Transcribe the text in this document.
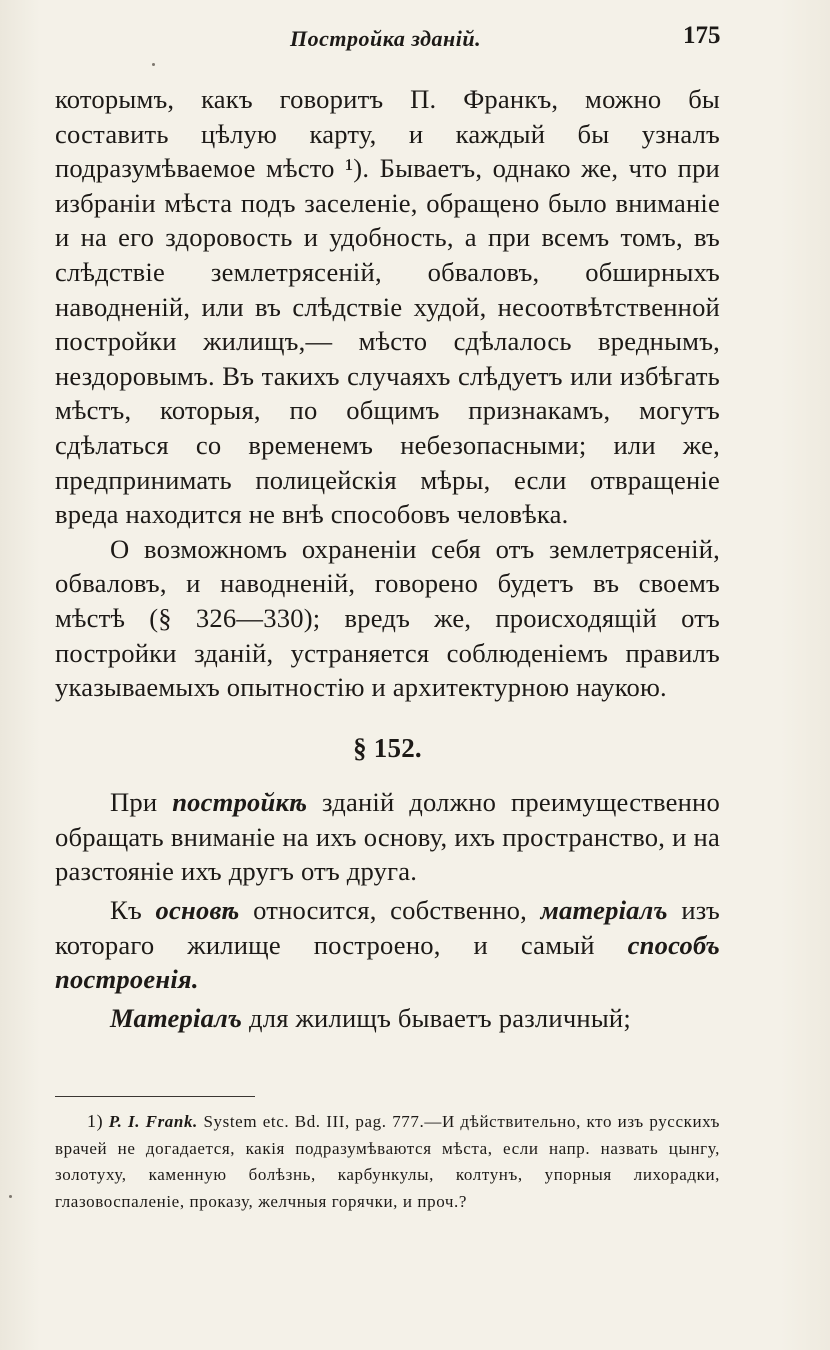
Постройка зданій.	175

которымъ, какъ говоритъ П. Франкъ, можно бы составить цѣлую карту, и каждый бы узналъ подразумѣваемое мѣсто ¹). Бываетъ, однако же, что при избраніи мѣста подъ заселеніе, обращено было вниманіе и на его здоровость и удобность, а при всемъ томъ, въ слѣдствіе землетрясеній, обваловъ, обширныхъ наводненій, или въ слѣдствіе худой, несоотвѣтственной постройки жилищъ,— мѣсто сдѣлалось вреднымъ, нездоровымъ. Въ такихъ случаяхъ слѣдуетъ или избѣгать мѣстъ, которыя, по общимъ признакамъ, могутъ сдѣлаться со временемъ небезопасными; или же, предпринимать полицейскія мѣры, если отвращеніе вреда находится не внѣ способовъ человѣка.

О возможномъ охраненіи себя отъ землетрясеній, обваловъ, и наводненій, говорено будетъ въ своемъ мѣстѣ (§ 326—330); вредъ же, происходящій отъ постройки зданій, устраняется соблюденіемъ правилъ указываемыхъ опытностію и архитектурною наукою.

§ 152.

При постройкѣ зданій должно преимущественно обращать вниманіе на ихъ основу, ихъ пространство, и на разстояніе ихъ другъ отъ друга.

Къ основѣ относится, собственно, матеріалъ изъ котораго жилище построено, и самый способъ построенія.

Матеріалъ для жилищъ бываетъ различный;

1) P. I. Frank. System etc. Bd. III, pag. 777.—И дѣйствительно, кто изъ русскихъ врачей не догадается, какія подразумѣваются мѣста, если напр. назвать цынгу, золотуху, каменную болѣзнь, карбункулы, колтунъ, упорныя лихорадки, глазовоспаленіе, проказу, желчныя горячки, и проч.?
